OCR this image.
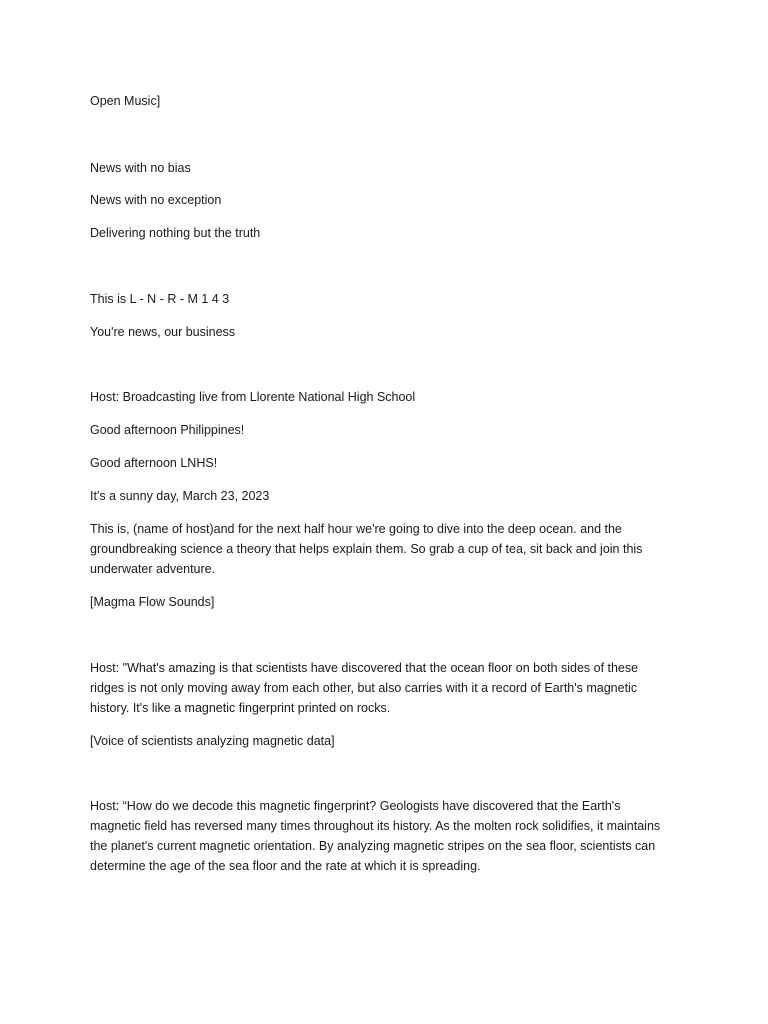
Open Music]

News with no bias

News with no exception

Delivering nothing but the truth

This is L - N - R - M 1 4 3

You're news, our business

Host: Broadcasting live from Llorente National High School

Good afternoon Philippines!

Good afternoon LNHS!

It's a sunny day, March 23, 2023

This is, (name of host)and for the next half hour we're going to dive into the deep ocean. and the
groundbreaking science a theory that helps explain them. So grab a cup of tea, sit back and join this
underwater adventure.

[Magma Flow Sounds]

Host: "What's amazing is that scientists have discovered that the ocean floor on both sides of these
ridges is not only moving away from each other, but also carries with it a record of Earth's magnetic
history. It's like a magnetic fingerprint printed on rocks.

[Voice of scientists analyzing magnetic data]

Host: “How do we decode this magnetic fingerprint? Geologists have discovered that the Earth's
magnetic field has reversed many times throughout its history. As the molten rock solidifies, it maintains
the planet's current magnetic orientation. By analyzing magnetic stripes on the sea floor, scientists can
determine the age of the sea floor and the rate at which it is spreading.
